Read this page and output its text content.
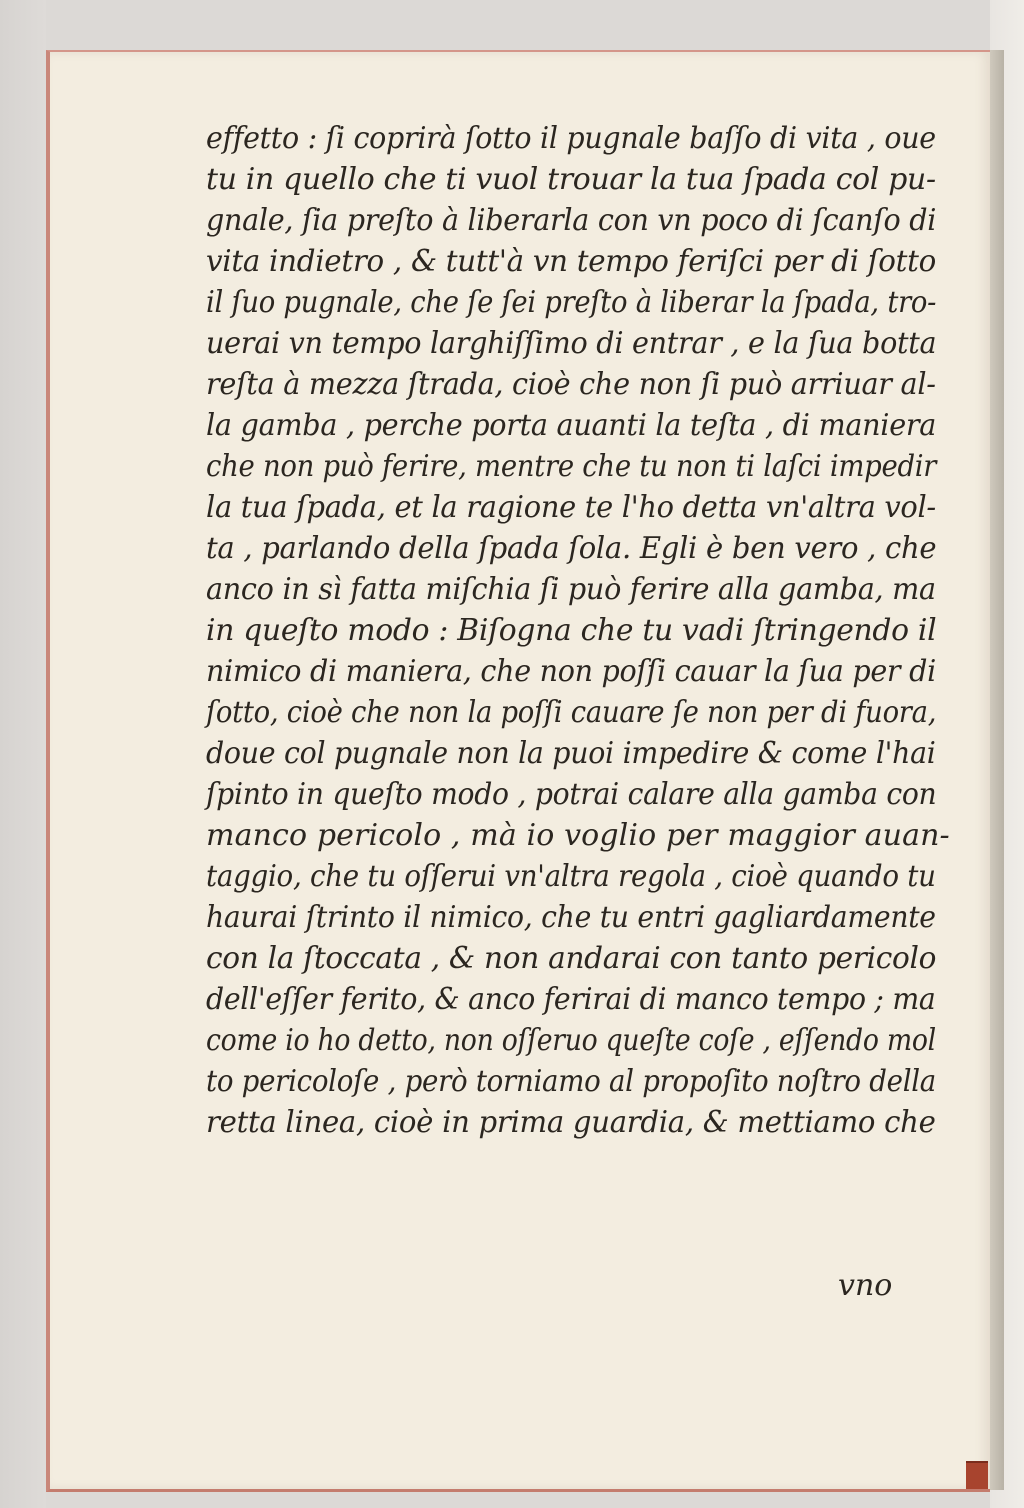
effetto : ſi coprirà ſotto il pugnale baſſo di vita , oue
tu in quello che ti vuol trouar la tua ſpada col pu-
gnale, ſia preſto à liberarla con vn poco di ſcanſo di
vita indietro , & tutt'à vn tempo feriſci per di ſotto
il ſuo pugnale, che ſe ſei preſto à liberar la ſpada, tro-
uerai vn tempo larghiſſimo di entrar , e la ſua botta
reſta à mezza ſtrada, cioè che non ſi può arriuar al-
la gamba , perche porta auanti la teſta , di maniera
che non può ferire, mentre che tu non ti laſci impedir
la tua ſpada, et la ragione te l'ho detta vn'altra vol-
ta , parlando della ſpada ſola. Egli è ben vero , che
anco in sì fatta miſchia ſi può ferire alla gamba, ma
in queſto modo : Biſogna che tu vadi ſtringendo il
nimico di maniera, che non poſſi cauar la ſua per di
ſotto, cioè che non la poſſi cauare ſe non per di fuora,
doue col pugnale non la puoi impedire & come l'hai
ſpinto in queſto modo , potrai calare alla gamba con
manco pericolo , mà io voglio per maggior auan-
taggio, che tu oſſerui vn'altra regola , cioè quando tu
haurai ſtrinto il nimico, che tu entri gagliardamente
con la ſtoccata , & non andarai con tanto pericolo
dell'eſſer ferito, & anco ferirai di manco tempo ; ma
come io ho detto, non oſſeruo queſte coſe , eſſendo mol
to pericoloſe , però torniamo al propoſito noſtro della
retta linea, cioè in prima guardia, & mettiamo che
vno
